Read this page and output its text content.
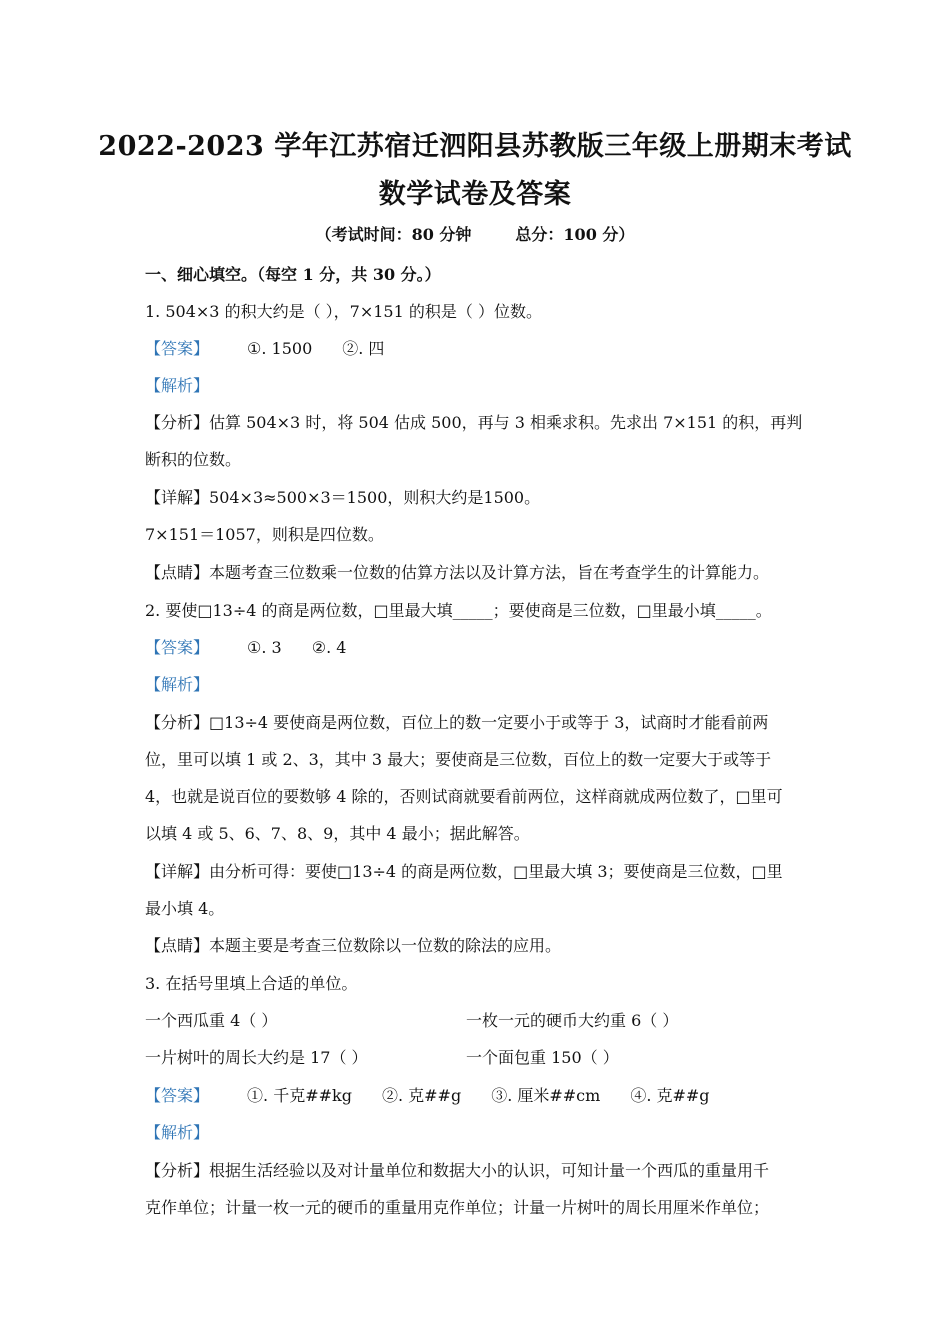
2022-2023 学年江苏宿迁泗阳县苏教版三年级上册期末考试
数学试卷及答案
（考试时间：80 分钟	总分：100 分）
一、细心填空。（每空 1 分，共 30 分。）
1. 504×3 的积大约是（ ），7×151 的积是（ ）位数。
【答案】 ①. 1500 ②. 四
【解析】
【分析】估算 504×3 时，将 504 估成 500，再与 3 相乘求积。先求出 7×151 的积，再判
断积的位数。
【详解】504×3≈500×3＝1500，则积大约是1500。
7×151＝1057，则积是四位数。
【点睛】本题考查三位数乘一位数的估算方法以及计算方法，旨在考查学生的计算能力。
2. 要使□13÷4 的商是两位数，□里最大填_____；要使商是三位数，□里最小填_____。
【答案】 ①. 3 ②. 4
【解析】
【分析】□13÷4 要使商是两位数，百位上的数一定要小于或等于 3，试商时才能看前两
位，里可以填 1 或 2、3，其中 3 最大；要使商是三位数，百位上的数一定要大于或等于
4，也就是说百位的要数够 4 除的，否则试商就要看前两位，这样商就成两位数了，□里可
以填 4 或 5、6、7、8、9，其中 4 最小；据此解答。
【详解】由分析可得：要使□13÷4 的商是两位数，□里最大填 3；要使商是三位数，□里
最小填 4。
【点睛】本题主要是考查三位数除以一位数的除法的应用。
3. 在括号里填上合适的单位。
一个西瓜重 4（ ）	一枚一元的硬币大约重 6（ ）
一片树叶的周长大约是 17（ ）	一个面包重 150（ ）
【答案】 ①. 千克##kg ②. 克##g ③. 厘米##cm ④. 克##g
【解析】
【分析】根据生活经验以及对计量单位和数据大小的认识，可知计量一个西瓜的重量用千
克作单位；计量一枚一元的硬币的重量用克作单位；计量一片树叶的周长用厘米作单位；
